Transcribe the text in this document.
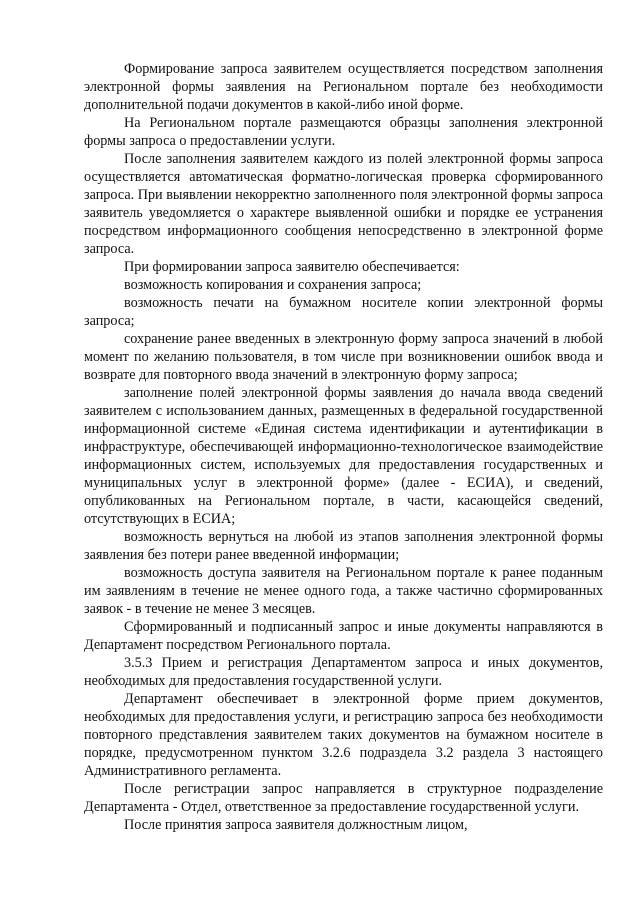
Формирование запроса заявителем осуществляется посредством заполнения электронной формы заявления на Региональном портале без необходимости дополнительной подачи документов в какой-либо иной форме.

На Региональном портале размещаются образцы заполнения электронной формы запроса о предоставлении услуги.

После заполнения заявителем каждого из полей электронной формы запроса осуществляется автоматическая форматно-логическая проверка сформированного запроса. При выявлении некорректно заполненного поля электронной формы запроса заявитель уведомляется о характере выявленной ошибки и порядке ее устранения посредством информационного сообщения непосредственно в электронной форме запроса.

При формировании запроса заявителю обеспечивается:

возможность копирования и сохранения запроса;

возможность печати на бумажном носителе копии электронной формы запроса;

сохранение ранее введенных в электронную форму запроса значений в любой момент по желанию пользователя, в том числе при возникновении ошибок ввода и возврате для повторного ввода значений в электронную форму запроса;

заполнение полей электронной формы заявления до начала ввода сведений заявителем с использованием данных, размещенных в федеральной государственной информационной системе «Единая система идентификации и аутентификации в инфраструктуре, обеспечивающей информационно-технологическое взаимодействие информационных систем, используемых для предоставления государственных и муниципальных услуг в электронной форме» (далее - ЕСИА), и сведений, опубликованных на Региональном портале, в части, касающейся сведений, отсутствующих в ЕСИА;

возможность вернуться на любой из этапов заполнения электронной формы заявления без потери ранее введенной информации;

возможность доступа заявителя на Региональном портале к ранее поданным им заявлениям в течение не менее одного года, а также частично сформированных заявок - в течение не менее 3 месяцев.

Сформированный и подписанный запрос и иные документы направляются в Департамент посредством Регионального портала.

3.5.3 Прием и регистрация Департаментом запроса и иных документов, необходимых для предоставления государственной услуги.

Департамент обеспечивает в электронной форме прием документов, необходимых для предоставления услуги, и регистрацию запроса без необходимости повторного представления заявителем таких документов на бумажном носителе в порядке, предусмотренном пунктом 3.2.6 подраздела 3.2 раздела 3 настоящего Административного регламента.

После регистрации запрос направляется в структурное подразделение Департамента - Отдел, ответственное за предоставление государственной услуги.

После принятия запроса заявителя должностным лицом,
